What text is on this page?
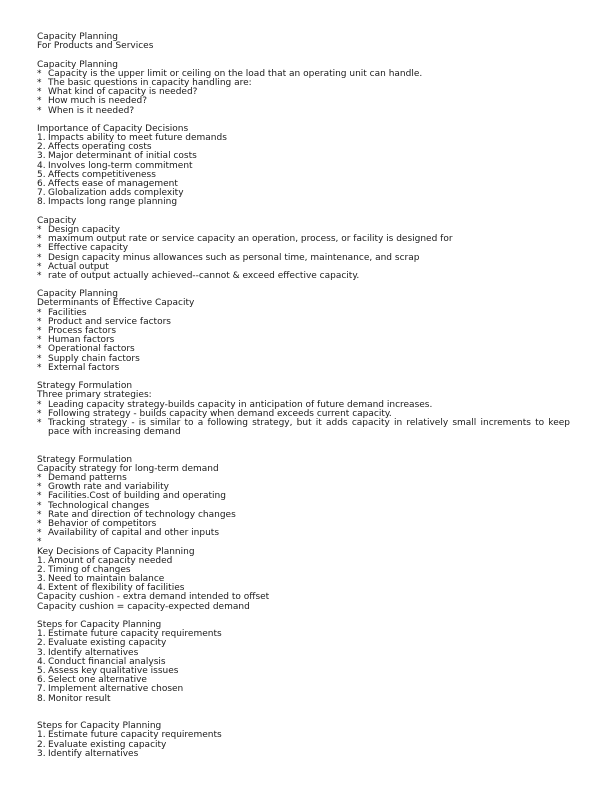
Capacity Planning
For Products and Services
Capacity Planning
* Capacity is the upper limit or ceiling on the load that an operating unit can handle.
* The basic questions in capacity handling are:
* What kind of capacity is needed?
* How much is needed?
* When is it needed?
Importance of Capacity Decisions
1. Impacts ability to meet future demands
2. Affects operating costs
3. Major determinant of initial costs
4. Involves long-term commitment
5. Affects competitiveness
6. Affects ease of management
7. Globalization adds complexity
8. Impacts long range planning
Capacity
* Design capacity
* maximum output rate or service capacity an operation, process, or facility is designed for
* Effective capacity
* Design capacity minus allowances such as personal time, maintenance, and scrap
* Actual output
* rate of output actually achieved--cannot & exceed effective capacity.
Capacity Planning
Determinants of Effective Capacity
* Facilities
* Product and service factors
* Process factors
* Human factors
* Operational factors
* Supply chain factors
* External factors
Strategy Formulation
Three primary strategies:
* Leading capacity strategy-builds capacity in anticipation of future demand increases.
* Following strategy - builds capacity when demand exceeds current capacity.
* Tracking strategy - is similar to a following strategy, but it adds capacity in relatively small increments to keep pace with increasing demand
Strategy Formulation
Capacity strategy for long-term demand
* Demand patterns
* Growth rate and variability
* Facilities.Cost of building and operating
* Technological changes
* Rate and direction of technology changes
* Behavior of competitors
* Availability of capital and other inputs
*
Key Decisions of Capacity Planning
1. Amount of capacity needed
2. Timing of changes
3. Need to maintain balance
4. Extent of flexibility of facilities
Capacity cushion - extra demand intended to offset
Capacity cushion = capacity-expected demand
Steps for Capacity Planning
1. Estimate future capacity requirements
2. Evaluate existing capacity
3. Identify alternatives
4. Conduct financial analysis
5. Assess key qualitative issues
6. Select one alternative
7. Implement alternative chosen
8. Monitor result
Steps for Capacity Planning
1. Estimate future capacity requirements
2. Evaluate existing capacity
3. Identify alternatives
